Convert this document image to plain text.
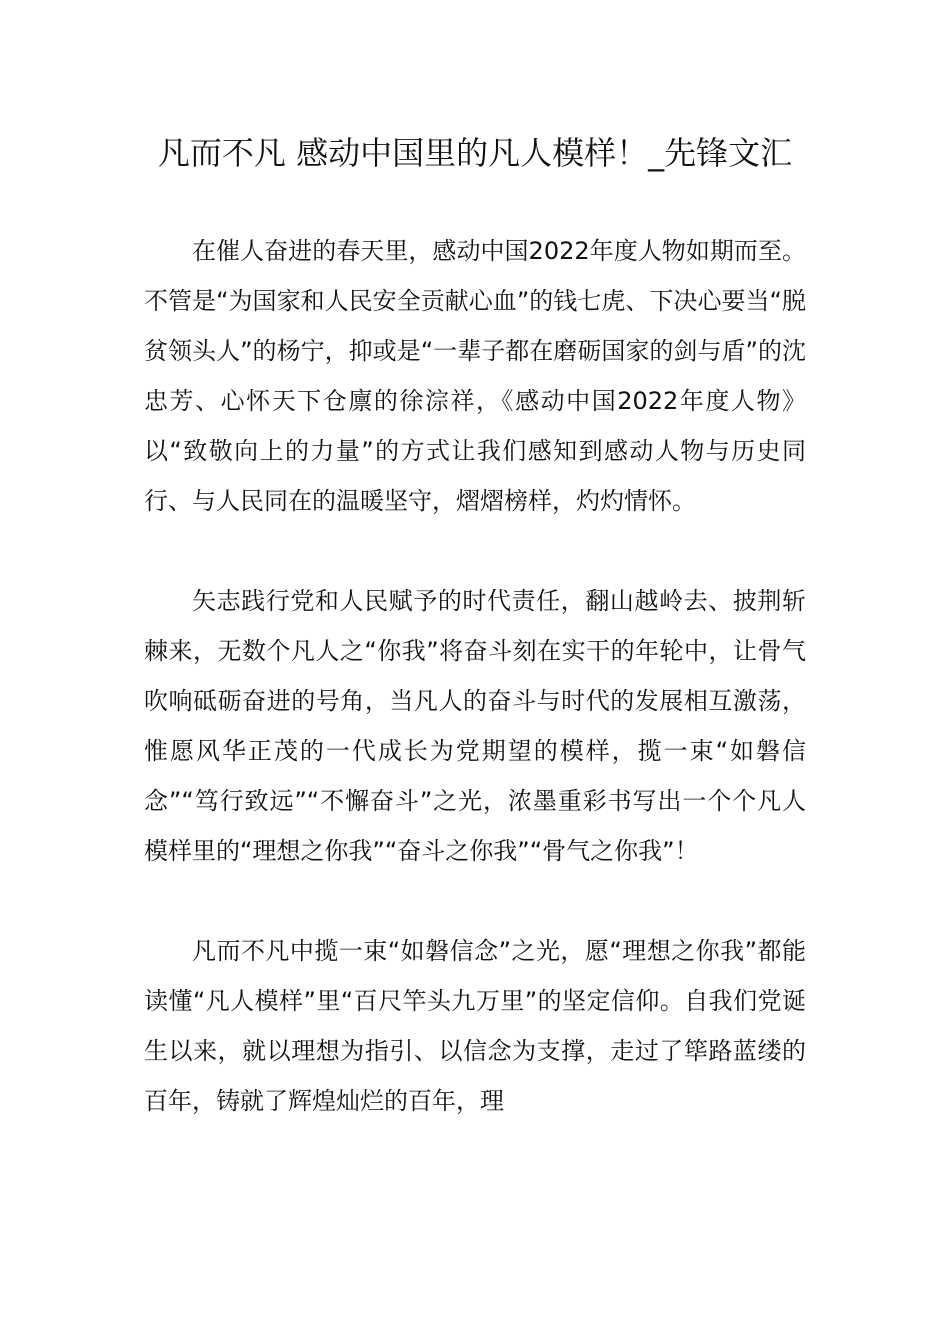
凡而不凡 感动中国里的凡人模样！_先锋文汇

在催人奋进的春天里，感动中国2022年度人物如期而至。不管是“为国家和人民安全贡献心血”的钱七虎、下决心要当“脱贫领头人”的杨宁，抑或是“一辈子都在磨砺国家的剑与盾”的沈忠芳、心怀天下仓廪的徐淙祥，《感动中国2022年度人物》以“致敬向上的力量”的方式让我们感知到感动人物与历史同行、与人民同在的温暖坚守，熠熠榜样，灼灼情怀。

矢志践行党和人民赋予的时代责任，翻山越岭去、披荆斩棘来，无数个凡人之“你我”将奋斗刻在实干的年轮中，让骨气吹响砥砺奋进的号角，当凡人的奋斗与时代的发展相互激荡，惟愿风华正茂的一代成长为党期望的模样，揽一束“如磐信念”“笃行致远”“不懈奋斗”之光，浓墨重彩书写出一个个凡人模样里的“理想之你我”“奋斗之你我”“骨气之你我”！

凡而不凡中揽一束“如磐信念”之光，愿“理想之你我”都能读懂“凡人模样”里“百尺竿头九万里”的坚定信仰。自我们党诞生以来，就以理想为指引、以信念为支撑，走过了筚路蓝缕的百年，铸就了辉煌灿烂的百年，理
